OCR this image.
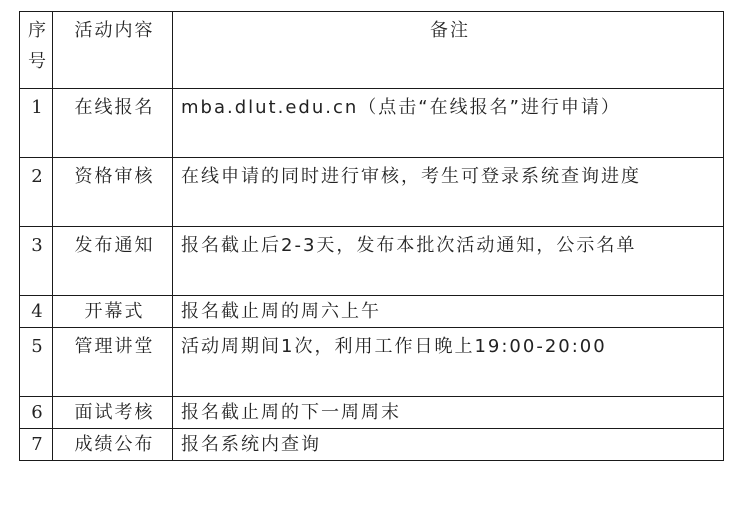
序号	活动内容	备注
1	在线报名	mba.dlut.edu.cn（点击“在线报名”进行申请）
2	资格审核	在线申请的同时进行审核，考生可登录系统查询进度
3	发布通知	报名截止后2-3天，发布本批次活动通知，公示名单
4	开幕式	报名截止周的周六上午
5	管理讲堂	活动周期间1次，利用工作日晚上19:00-20:00
6	面试考核	报名截止周的下一周周末
7	成绩公布	报名系统内查询
